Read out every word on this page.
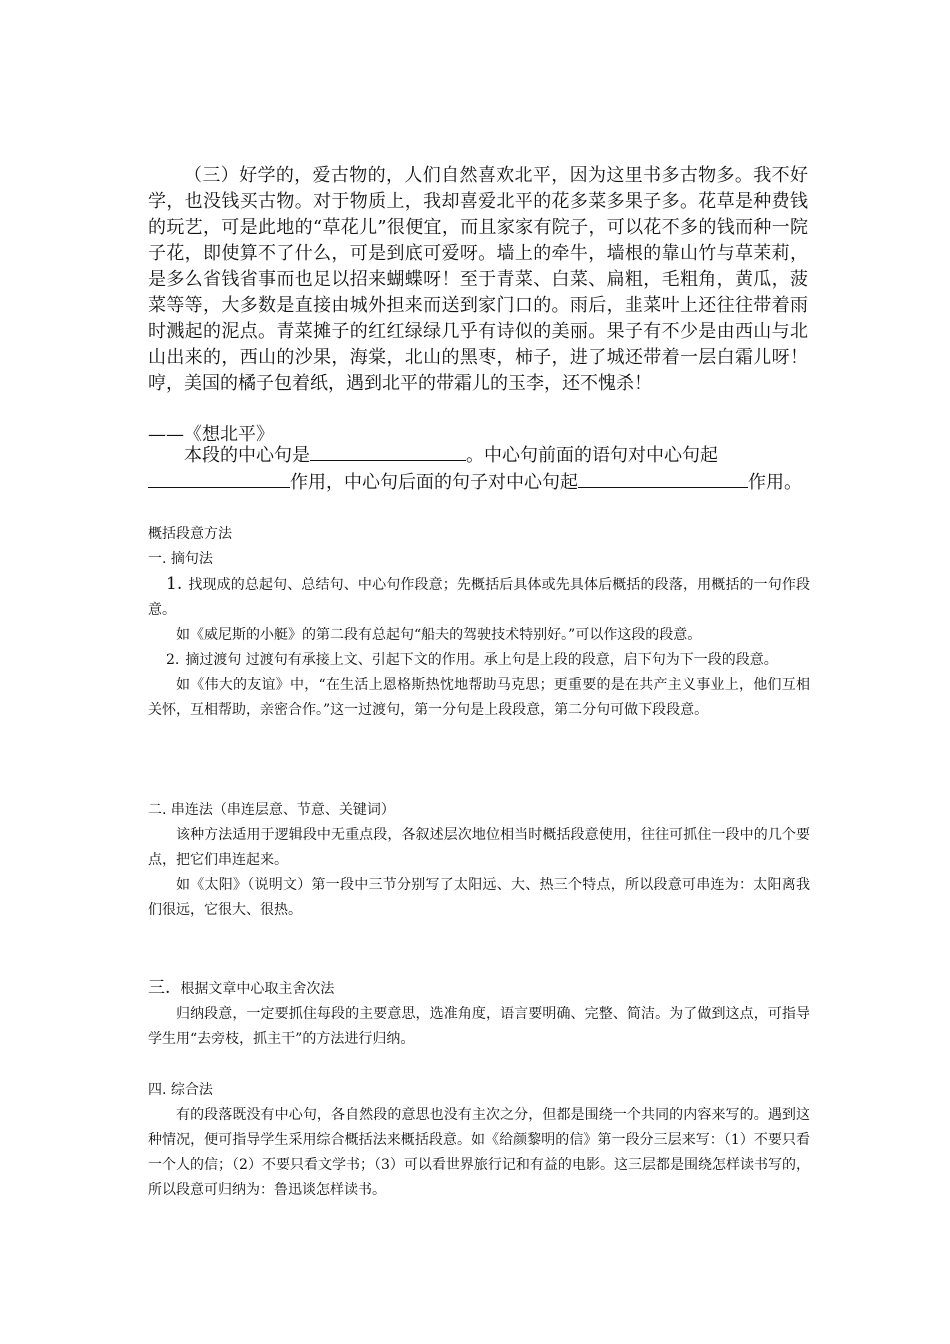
（三）好学的，爱古物的，人们自然喜欢北平，因为这里书多古物多。我不好学，也没钱买古物。对于物质上，我却喜爱北平的花多菜多果子多。花草是种费钱的玩艺，可是此地的“草花儿”很便宜，而且家家有院子，可以花不多的钱而种一院子花，即使算不了什么，可是到底可爱呀。墙上的牵牛，墙根的靠山竹与草茉莉，是多么省钱省事而也足以招来蝴蝶呀！至于青菜、白菜、扁粗，毛粗角，黄瓜，菠菜等等，大多数是直接由城外担来而送到家门口的。雨后，韭菜叶上还往往带着雨时溅起的泥点。青菜摊子的红红绿绿几乎有诗似的美丽。果子有不少是由西山与北山出来的，西山的沙果，海棠，北山的黑枣，柿子，进了城还带着一层白霜儿呀！哼，美国的橘子包着纸，遇到北平的带霜儿的玉李，还不愧杀！

——《想北平》

本段的中心句是	。中心句前面的语句对中心句起
作用，中心句后面的句子对中心句起	作用。

概括段意方法

一. 摘句法

1. 找现成的总起句、总结句、中心句作段意；先概括后具体或先具体后概括的段落，用概括的一句作段意。

如《威尼斯的小艇》的第二段有总起句“船夫的驾驶技术特别好。”可以作这段的段意。

2. 摘过渡句 过渡句有承接上文、引起下文的作用。承上句是上段的段意，启下句为下一段的段意。

如《伟大的友谊》中，“在生活上恩格斯热忱地帮助马克思；更重要的是在共产主义事业上，他们互相关怀，互相帮助，亲密合作。”这一过渡句，第一分句是上段段意，第二分句可做下段段意。

二. 串连法（串连层意、节意、关键词）

该种方法适用于逻辑段中无重点段，各叙述层次地位相当时概括段意使用，往往可抓住一段中的几个要点，把它们串连起来。

如《太阳》（说明文）第一段中三节分别写了太阳远、大、热三个特点，所以段意可串连为：太阳离我们很远，它很大、很热。

三. 根据文章中心取主舍次法

归纳段意，一定要抓住每段的主要意思，选准角度，语言要明确、完整、简洁。为了做到这点，可指导学生用“去旁枝，抓主干”的方法进行归纳。

四. 综合法

有的段落既没有中心句，各自然段的意思也没有主次之分，但都是围绕一个共同的内容来写的。遇到这种情况，便可指导学生采用综合概括法来概括段意。如《给颜黎明的信》第一段分三层来写：（1）不要只看一个人的信；（2）不要只看文学书；（3）可以看世界旅行记和有益的电影。这三层都是围绕怎样读书写的，所以段意可归纳为：鲁迅谈怎样读书。
